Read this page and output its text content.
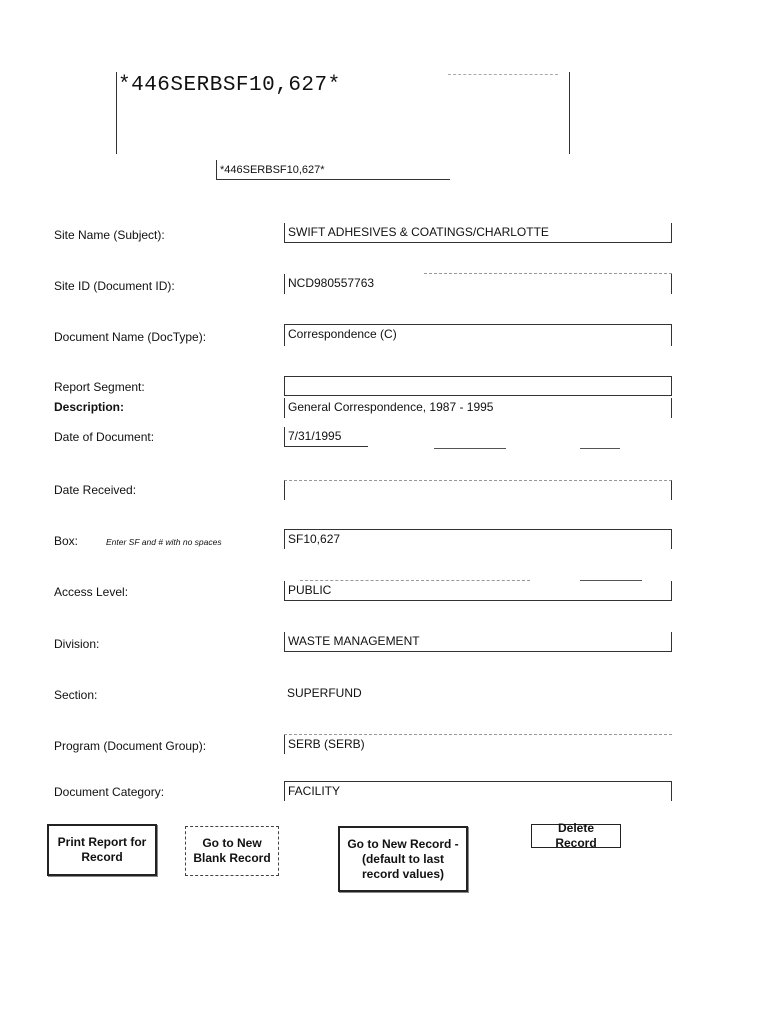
*446SERBSF10,627*
*446SERBSF10,627*
Site Name (Subject):	SWIFT ADHESIVES & COATINGS/CHARLOTTE
Site ID (Document ID):	NCD980557763
Document Name (DocType):	Correspondence (C)
Report Segment:
Description:	General Correspondence, 1987 - 1995
Date of Document:	7/31/1995
Date Received:
Box:	Enter SF and # with no spaces	SF10,627
Access Level:	PUBLIC
Division:	WASTE MANAGEMENT
Section:	SUPERFUND
Program (Document Group):	SERB (SERB)
Document Category:	FACILITY
Print Report for Record
Go to New Blank Record
Go to New Record - (default to last record values)
Delete Record
